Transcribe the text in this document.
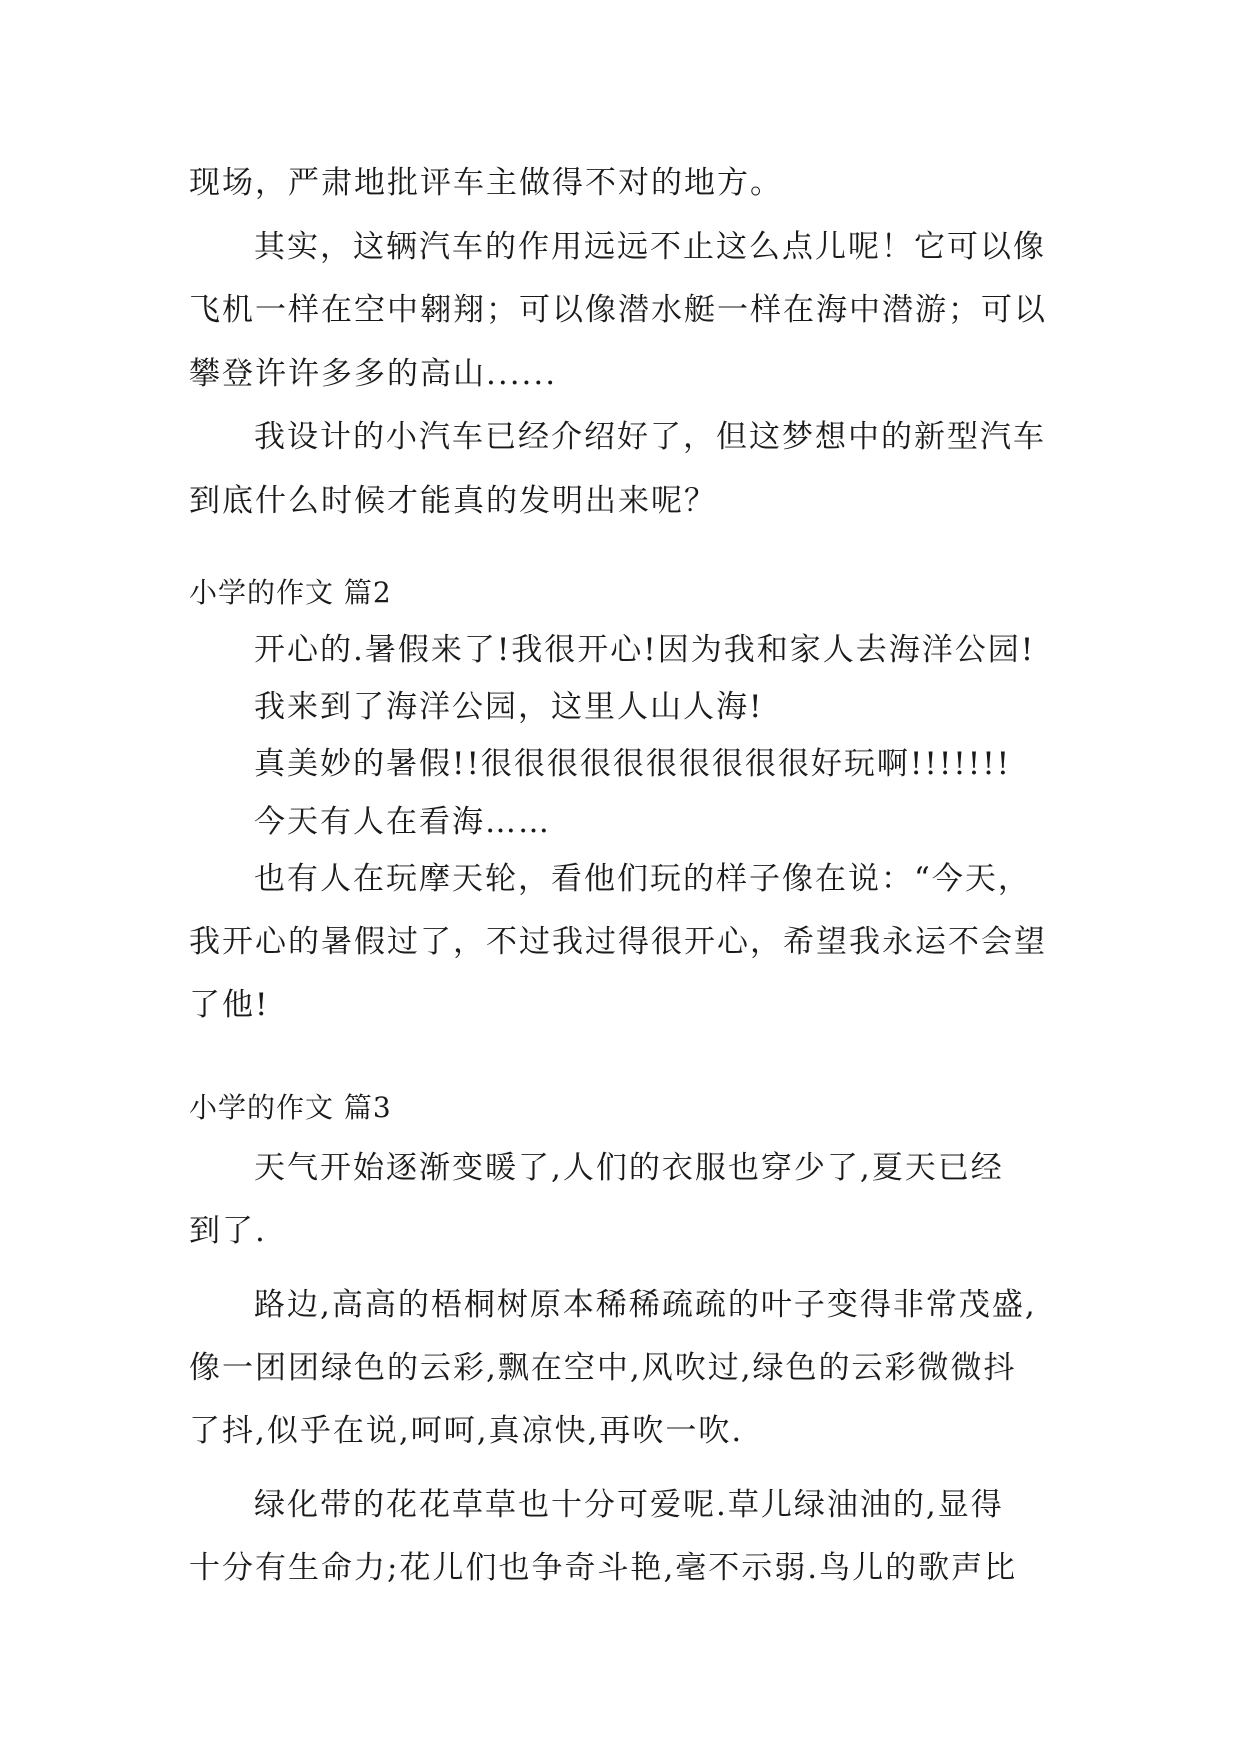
现场，严肃地批评车主做得不对的地方。
其实，这辆汽车的作用远远不止这么点儿呢！它可以像
飞机一样在空中翱翔；可以像潜水艇一样在海中潜游；可以
攀登许许多多的高山......
我设计的小汽车已经介绍好了，但这梦想中的新型汽车
到底什么时候才能真的发明出来呢？
小学的作文 篇2
开心的.暑假来了!我很开心!因为我和家人去海洋公园!
我来到了海洋公园，这里人山人海!
真美妙的暑假!!很很很很很很很很很很好玩啊!!!!!!!
今天有人在看海……
也有人在玩摩天轮，看他们玩的样子像在说：“今天，
我开心的暑假过了，不过我过得很开心，希望我永运不会望
了他!
小学的作文 篇3
天气开始逐渐变暖了,人们的衣服也穿少了,夏天已经
到了.
路边,高高的梧桐树原本稀稀疏疏的叶子变得非常茂盛,
像一团团绿色的云彩,飘在空中,风吹过,绿色的云彩微微抖
了抖,似乎在说,呵呵,真凉快,再吹一吹.
绿化带的花花草草也十分可爱呢.草儿绿油油的,显得
十分有生命力;花儿们也争奇斗艳,毫不示弱.鸟儿的歌声比
